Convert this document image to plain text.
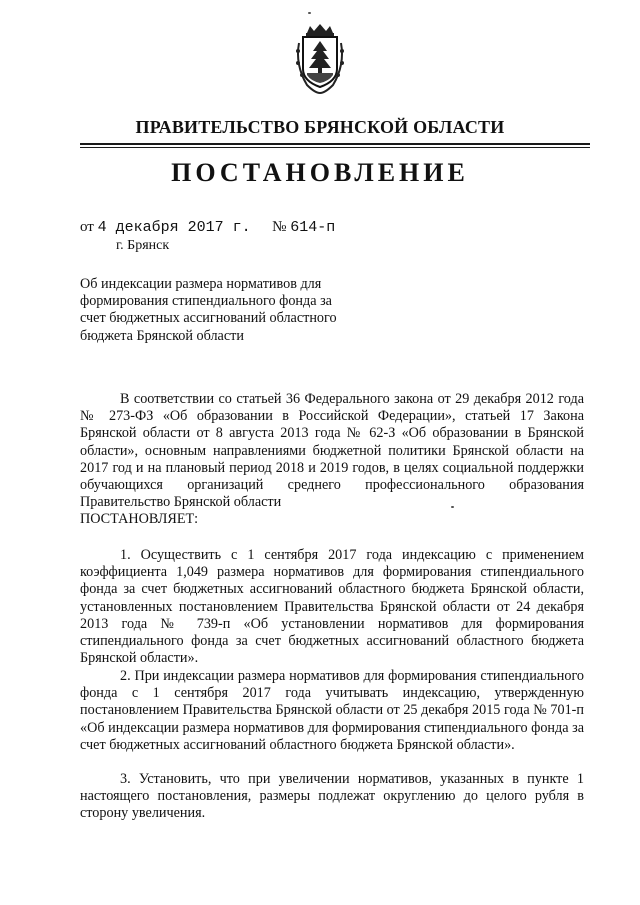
ПРАВИТЕЛЬСТВО БРЯНСКОЙ ОБЛАСТИ
ПОСТАНОВЛЕНИЕ
от 4 декабря 2017 г. № 614-п
г. Брянск
Об индексации размера нормативов для формирования стипендиального фонда за счет бюджетных ассигнований областного бюджета Брянской области
В соответствии со статьей 36 Федерального закона от 29 декабря 2012 года № 273-ФЗ «Об образовании в Российской Федерации», статьей 17 Закона Брянской области от 8 августа 2013 года № 62-З «Об образовании в Брянской области», основным направлениями бюджетной политики Брянской области на 2017 год и на плановый период 2018 и 2019 годов, в целях социальной поддержки обучающихся организаций среднего профессионального образования Правительство Брянской области
ПОСТАНОВЛЯЕТ:
1. Осуществить с 1 сентября 2017 года индексацию с применением коэффициента 1,049 размера нормативов для формирования стипендиального фонда за счет бюджетных ассигнований областного бюджета Брянской области, установленных постановлением Правительства Брянской области от 24 декабря 2013 года № 739-п «Об установлении нормативов для формирования стипендиального фонда за счет бюджетных ассигнований областного бюджета Брянской области».
2. При индексации размера нормативов для формирования стипендиального фонда с 1 сентября 2017 года учитывать индексацию, утвержденную постановлением Правительства Брянской области от 25 декабря 2015 года № 701-п «Об индексации размера нормативов для формирования стипендиального фонда за счет бюджетных ассигнований областного бюджета Брянской области».
3. Установить, что при увеличении нормативов, указанных в пункте 1 настоящего постановления, размеры подлежат округлению до целого рубля в сторону увеличения.
